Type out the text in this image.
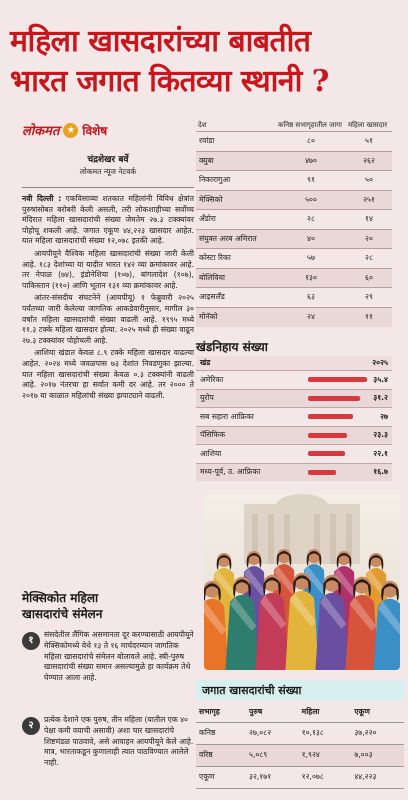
महिला खासदारांच्या बाबतीत
भारत जगात कितव्या स्थानी ?
लोकमत ★ विशेष
चंद्रशेखर बर्वे
लोकमत न्यूज नेटवर्क

नवी दिल्ली : एकविसाव्या शतकात महिलांनी विविध क्षेत्रांत पुरुषांसोबत बरोबरी केली असली, तरी लोकशाहीच्या सर्वोच्च मंदिरात महिला खासदारांची संख्या जेमतेम २७.३ टक्क्यांवर पोहोचू शकली आहे. जगात एकूण ४४,२२३ खासदार आहेत. यात महिला खासदारांची संख्या १२,०७८ इतकी आहे.

आयपीयूने वैश्विक महिला खासदारांची संख्या जारी केली आहे. १८३ देशांच्या या यादीत भारत १४२ व्या क्रमांकावर आहे. तर नेपाळ (७४), इंडोनेशिया (१०७), बांगलादेश (१०७), पाकिस्तान (११०) आणि भूतान १३१ व्या क्रमांकावर आहे.

आंतर-संसदीय संघटनेने (आयपीयू) १ फेब्रुवारी २०२५ पर्यंतच्या जारी केलेल्या जागतिक आकडेवारीनुसार, मागील ३० वर्षांत महिला खासदारांची संख्या वाढली आहे. १९९५ मध्ये ११.३ टक्के महिला खासदार होत्या. २०२५ मध्ये ही संख्या वाढून २७.३ टक्क्यांवर पोहोचली आहे.

आशिया खंडात केवळ ८.९ टक्के महिला खासदार वाढल्या आहेत. २०२४ मध्ये जवळपास ७३ देशांत निवडणुका झाल्या. यात महिला खासदारांची संख्या केवळ ०.३ टक्क्यांनी वाढली आहे. २०१७ नंतरचा हा सर्वात कमी दर आहे. तर २००० ते २०१७ या काळात महिलांची संख्या झपाट्याने वाढली.

मेक्सिकोत महिला
खासदारांचे संमेलन
१
संसदेतील लैंगिक असमानता दूर करण्यासाठी आयपीयूने मेक्सिकोमध्ये येथे १३ ते १६ मार्चदरम्यान जागतिक महिला खासदारांचे संमेलन बोलावले आहे. स्त्री-पुरुष खासदारांची संख्या समान असल्यामुळे हा कार्यक्रम तेथे घेण्यात आला आहे.
२
प्रत्येक देशाने एक पुरुष, तीन महिला (यातील एक ४० पेक्षा कमी वयाची असावी) अशा चार खासदारांचे शिष्टमंडळ पाठवावे, असे आवाहन आयपीयूने केले आहे. मात्र, भारताकडून कुणालाही त्यात पाठविण्यात आलेले नाही.
देश	कनिष्ठ सभागृहातील जागा	महिला खासदार
रवांडा	८०	५१
क्युबा	४७०	२६२
निकारागुआ	९१	५०
मेक्सिको	५००	२५१
अँडोरा	२८	१४
संयुक्त अरब अमिरात	४०	२०
कोस्टा रिका	५७	२८
बोलिविया	१३०	६०
आइसलँड	६३	२९
मोनॅको	२४	११
खंडनिहाय संख्या
खंड	२०२५
अमेरिका	३५.४
युरोप	३१.२
सब सहारा आफ्रिका	२७
पॅसिफिक	२३.३
आशिया	२२.१
मध्य-पूर्व, उ. आफ्रिका	१६.७
जगात खासदारांची संख्या
सभागृह	पुरुष	महिला	एकूण
कनिष्ठ	२७,०८२	१०,१३८	३७,२२०
वरिष्ठ	५,०८९	१,९२४	७,००३
एकूण	३२,१७१	१२,०७८	४४,२२३
